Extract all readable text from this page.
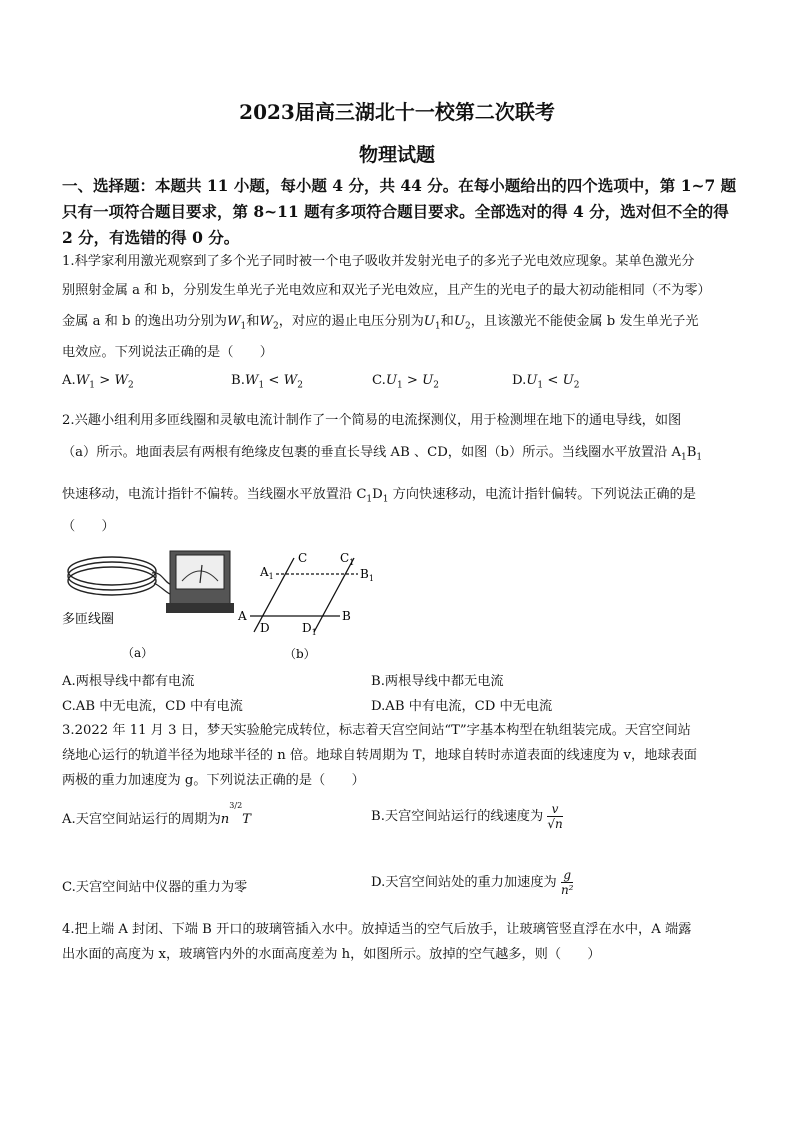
2023届高三湖北十一校第二次联考
物理试题
一、选择题：本题共 11 小题，每小题 4 分，共 44 分。在每小题给出的四个选项中，第 1~7 题
只有一项符合题目要求，第 8~11 题有多项符合题目要求。全部选对的得 4 分，选对但不全的得
2 分，有选错的得 0 分。
1.科学家利用激光观察到了多个光子同时被一个电子吸收并发射光电子的多光子光电效应现象。某单色激光分
别照射金属 a 和 b，分别发生单光子光电效应和双光子光电效应，且产生的光电子的最大初动能相同（不为零）
金属 a 和 b 的逸出功分别为$W_1$和$W_2$，对应的遏止电压分别为$U_1$和$U_2$，且该激光不能使金属 b 发生单光子光
电效应。下列说法正确的是（　　）
$A.W_1 > W_2$	$B.W_1 < W_2$	$C.U_1 > U_2$	$D.U_1 < U_2$
2.兴趣小组利用多匝线圈和灵敏电流计制作了一个简易的电流探测仪，用于检测埋在地下的通电导线，如图
（a）所示。地面表层有两根有绝缘皮包裹的垂直长导线 AB 、CD，如图（b）所示。当线圈水平放置沿 $A_1B_1$
快速移动，电流计指针不偏转。当线圈水平放置沿 $C_1D_1$ 方向快速移动，电流计指针偏转。下列说法正确的是
（　　）
多匝线圈
（a）
C	$C_1$
$A_1$	$B_1$
A	B
D	$D_1$
（b）
A.两根导线中都有电流	B.两根导线中都无电流
C.AB 中无电流，CD 中有电流	D.AB 中有电流，CD 中无电流
3.2022 年 11 月 3 日，梦天实验舱完成转位，标志着天宫空间站“T”字基本构型在轨组装完成。天宫空间站
绕地心运行的轨道半径为地球半径的 n 倍。地球自转周期为 T，地球自转时赤道表面的线速度为 v，地球表面
两极的重力加速度为 g。下列说法正确的是（　　）
A.天宫空间站运行的周期为$n^{3/2}T$	B.天宫空间站运行的线速度为 $\frac{v}{√n}$
C.天宫空间站中仪器的重力为零	D.天宫空间站处的重力加速度为 $\frac{g}{\text{n²}}$
4.把上端 A 封闭、下端 B 开口的玻璃管插入水中。放掉适当的空气后放手，让玻璃管竖直浮在水中，A 端露
出水面的高度为 x，玻璃管内外的水面高度差为 h，如图所示。放掉的空气越多，则（　　）
